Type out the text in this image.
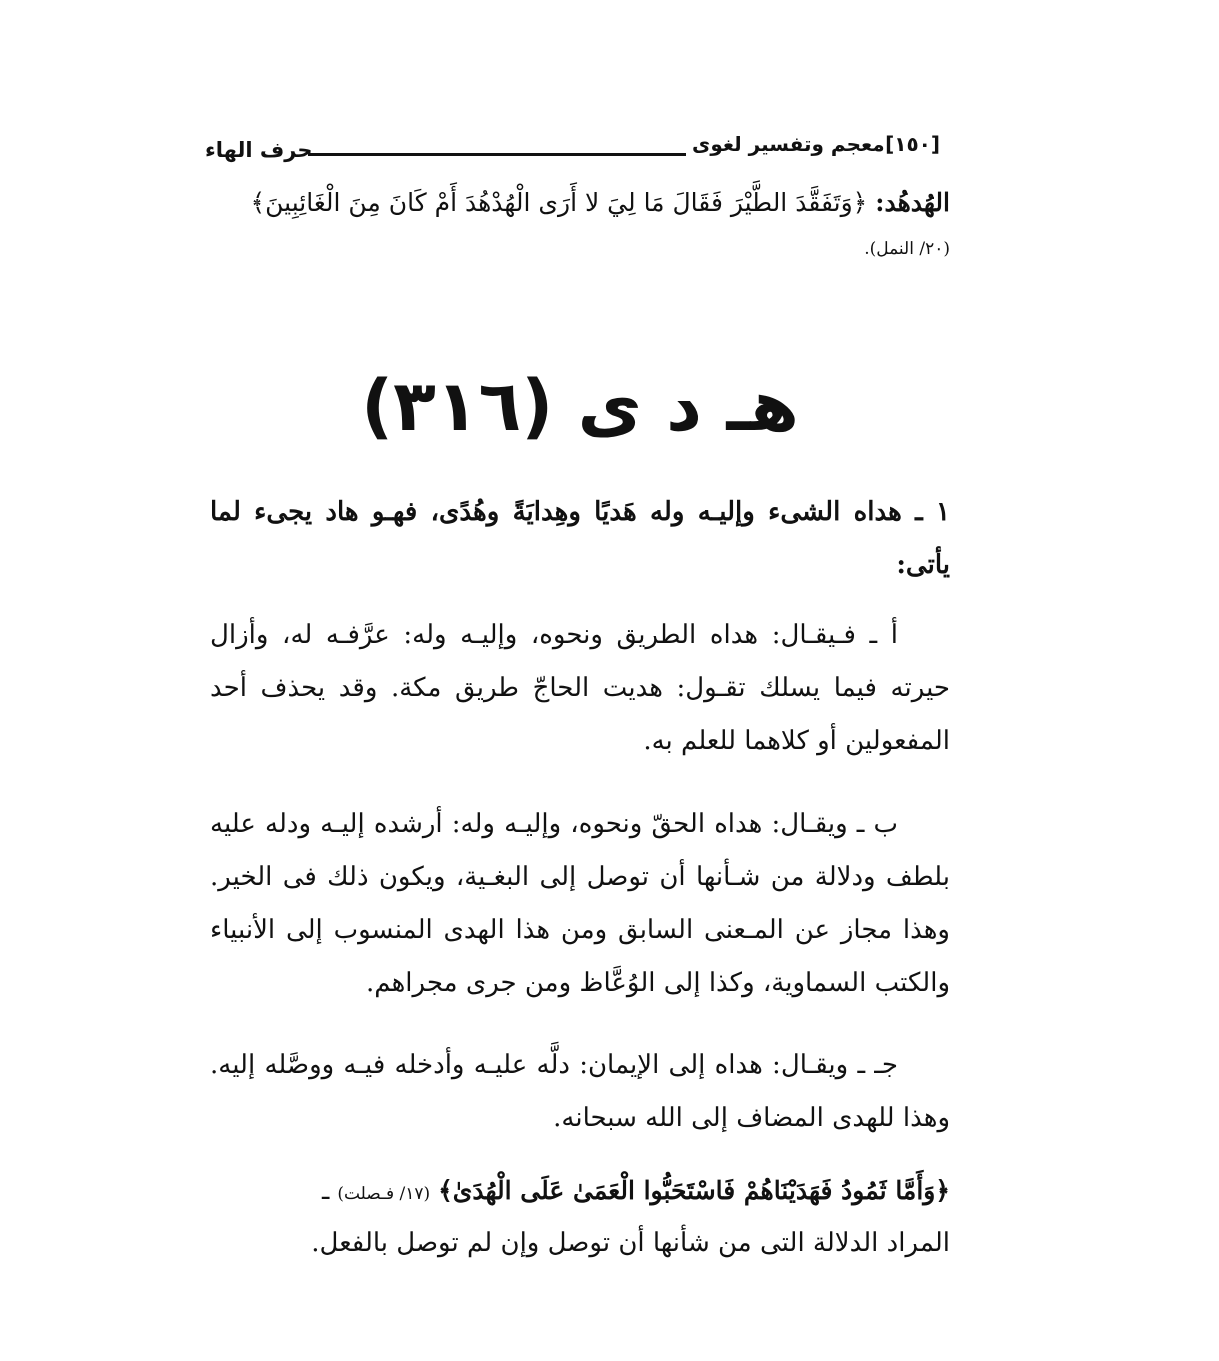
حرف الهاء	معجم وتفسير لغوى [١٥٠]
الهُدهُد: ﴿وَتَفَقَّدَ الطَّيْرَ فَقَالَ مَا لِيَ لا أَرَى الْهُدْهُدَ أَمْ كَانَ مِنَ الْغَائِبِينَ﴾
(٢٠/ النمل).
هـ د ى (٣١٦)

١ ـ هداه الشىء وإليـه وله هَديًا وهِدايَةً وهُدًى، فهـو هاد يجىء لما يأتى:

أ ـ فـيقـال: هداه الطريق ونحوه، وإليـه وله: عرَّفـه له، وأزال حيرته فيما يسلك تقـول: هديت الحاجّ طريق مكة. وقد يحذف أحد المفعولين أو كلاهما للعلم به.

ب ـ ويقـال: هداه الحقّ ونحوه، وإليـه وله: أرشده إليـه ودله عليه بلطف ودلالة من شـأنها أن توصل إلى البغـية، ويكون ذلك فى الخير. وهذا مجاز عن المـعنى السابق ومن هذا الهدى المنسوب إلى الأنبياء والكتب السماوية، وكذا إلى الوُعَّاظ ومن جرى مجراهم.

جـ ـ ويقـال: هداه إلى الإيمان: دلَّه عليـه وأدخله فيـه ووصَّله إليه. وهذا للهدى المضاف إلى الله سبحانه.

﴿وَأَمَّا ثَمُودُ فَهَدَيْنَاهُمْ فَاسْتَحَبُّوا الْعَمَىٰ عَلَى الْهُدَىٰ﴾ (١٧/ فـصلت) ـ

المراد الدلالة التى من شأنها أن توصل وإن لم توصل بالفعل.
